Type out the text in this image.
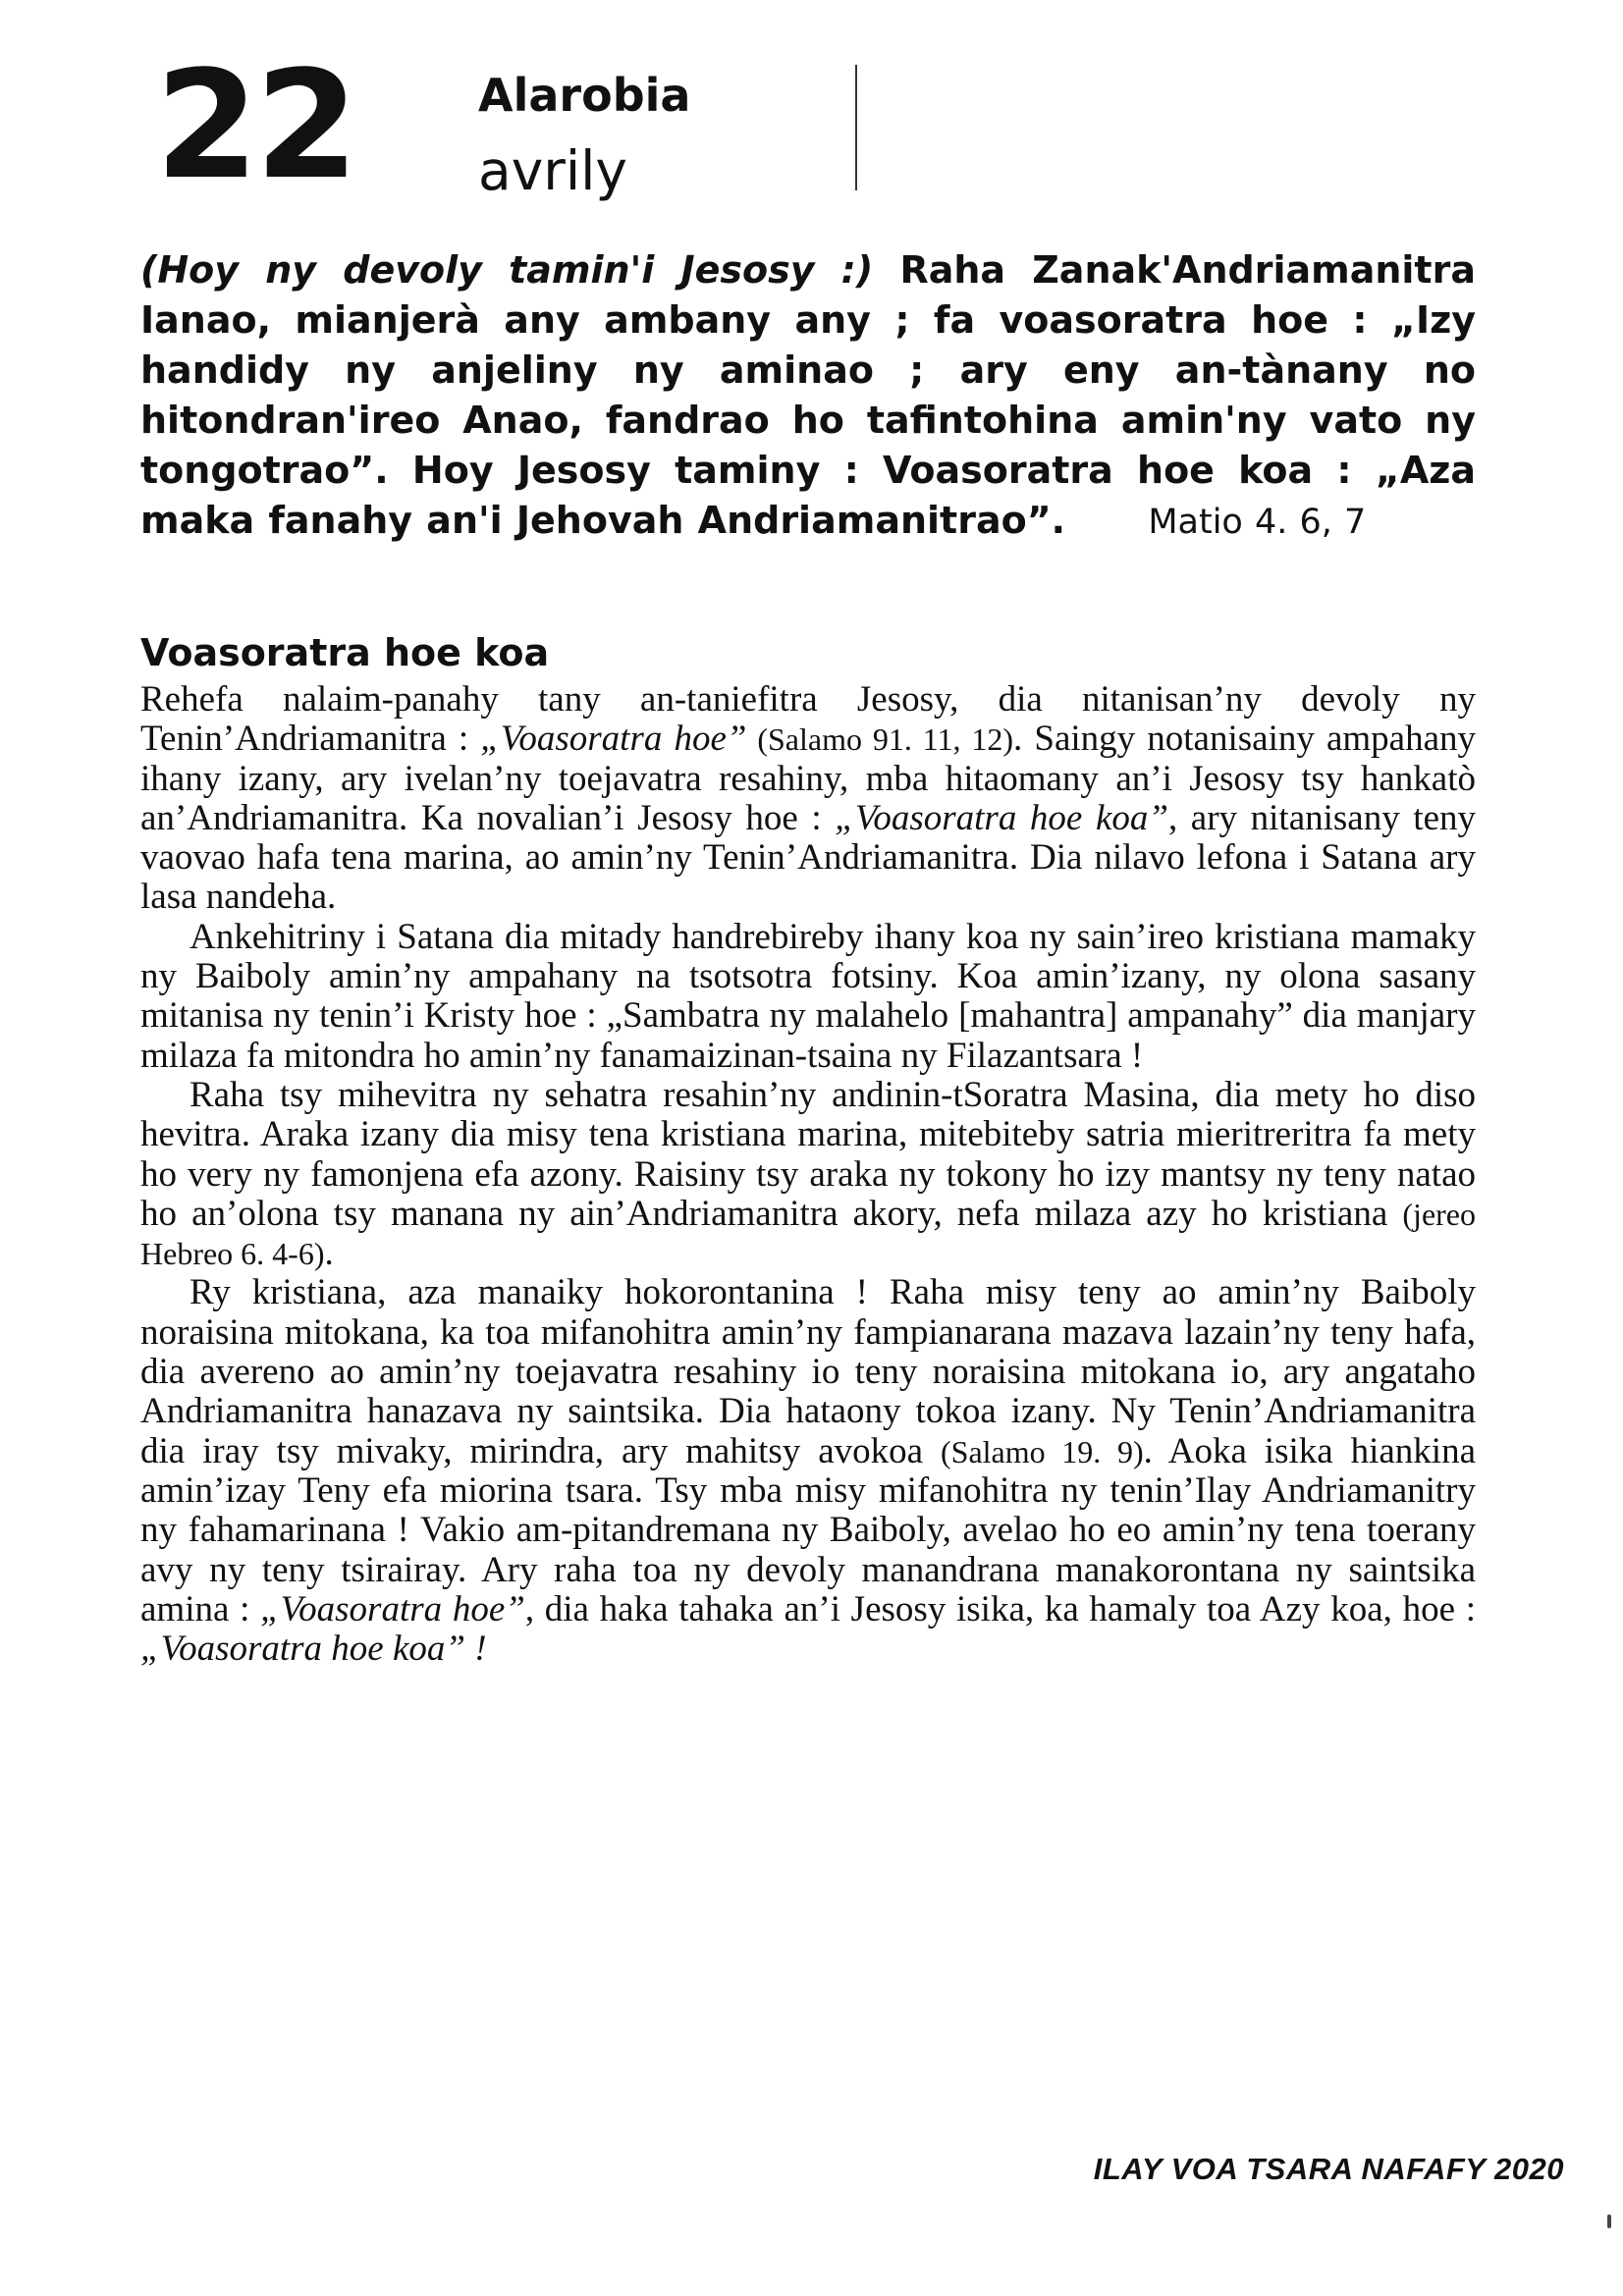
22	Alarobia
avrily
(Hoy ny devoly tamin'i Jesosy :) Raha Zanak'Andriamanitra Ianao, mianjerà any ambany any ; fa voasoratra hoe : „Izy handidy ny anjeliny ny aminao ; ary eny an-tànany no hitondran'ireo Anao, fandrao ho tafintohina amin'ny vato ny tongotrao”. Hoy Jesosy taminy : Voasoratra hoe koa : „Aza maka fanahy an'i Jehovah Andriamanitrao”. Matio 4. 6, 7
Voasoratra hoe koa

Rehefa nalaim-panahy tany an-taniefitra Jesosy, dia nitanisan’ny devoly ny Tenin’Andriamanitra : „Voasoratra hoe” (Salamo 91. 11, 12). Saingy notanisainy ampahany ihany izany, ary ivelan’ny toejavatra resahiny, mba hitaomany an’i Jesosy tsy hankatò an’Andriamanitra. Ka novalian’i Jesosy hoe : „Voasoratra hoe koa”, ary nitanisany teny vaovao hafa tena marina, ao amin’ny Tenin’Andriamanitra. Dia nilavo lefona i Satana ary lasa nandeha.

Ankehitriny i Satana dia mitady handrebireby ihany koa ny sain’ireo kristiana mamaky ny Baiboly amin’ny ampahany na tsotsotra fotsiny. Koa amin’izany, ny olona sasany mitanisa ny tenin’i Kristy hoe : „Sambatra ny malahelo [mahantra] ampanahy” dia manjary milaza fa mitondra ho amin’ny fanamaizinan-tsaina ny Filazantsara !

Raha tsy mihevitra ny sehatra resahin’ny andinin-tSoratra Masina, dia mety ho diso hevitra. Araka izany dia misy tena kristiana marina, mitebiteby satria mieritreritra fa mety ho very ny famonjena efa azony. Raisiny tsy araka ny tokony ho izy mantsy ny teny natao ho an’olona tsy manana ny ain’Andriamanitra akory, nefa milaza azy ho kristiana (jereo Hebreo 6. 4-6).

Ry kristiana, aza manaiky hokorontanina ! Raha misy teny ao amin’ny Baiboly noraisina mitokana, ka toa mifanohitra amin’ny fampianarana mazava lazain’ny teny hafa, dia avereno ao amin’ny toejavatra resahiny io teny noraisina mitokana io, ary angataho Andriamanitra hanazava ny saintsika. Dia hataony tokoa izany. Ny Tenin’Andriamanitra dia iray tsy mivaky, mirindra, ary mahitsy avokoa (Salamo 19. 9). Aoka isika hiankina amin’izay Teny efa miorina tsara. Tsy mba misy mifanohitra ny tenin’Ilay Andriamanitry ny fahamarinana ! Vakio am-pitandremana ny Baiboly, avelao ho eo amin’ny tena toerany avy ny teny tsirairay. Ary raha toa ny devoly manandrana manakorontana ny saintsika amina : „Voasoratra hoe”, dia haka tahaka an’i Jesosy isika, ka hamaly toa Azy koa, hoe : „Voasoratra hoe koa” !

ILAY VOA TSARA NAFAFY 2020
